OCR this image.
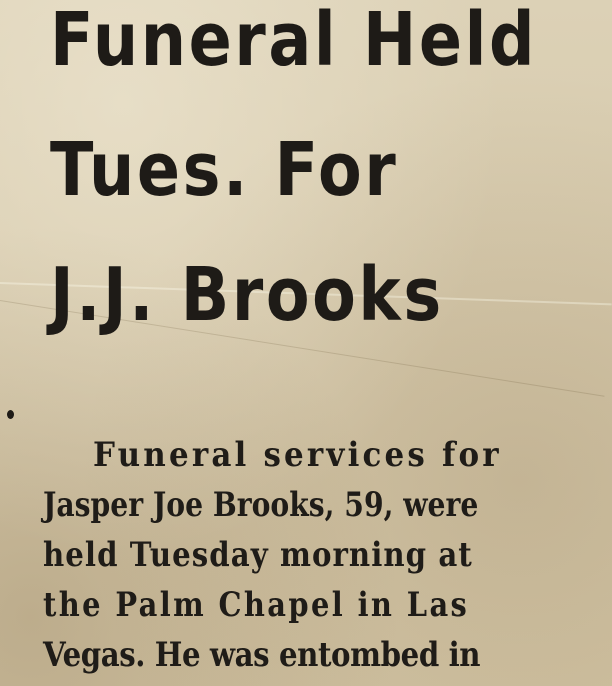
Funeral Held
Tues. For
J.J. Brooks

Funeral services for
Jasper Joe Brooks, 59, were
held Tuesday morning at
the Palm Chapel in Las
Vegas. He was entombed in
